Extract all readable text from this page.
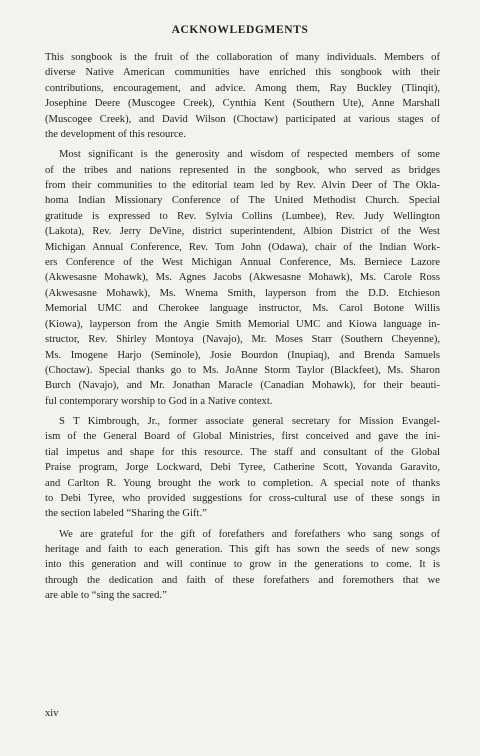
ACKNOWLEDGMENTS
This songbook is the fruit of the collaboration of many individuals. Members of
diverse Native American communities have enriched this songbook with their
contributions, encouragement, and advice. Among them, Ray Buckley (Tlinqit),
Josephine Deere (Muscogee Creek), Cynthia Kent (Southern Ute), Anne Marshall
(Muscogee Creek), and David Wilson (Choctaw) participated at various stages of
the development of this resource.
Most significant is the generosity and wisdom of respected members of some
of the tribes and nations represented in the songbook, who served as bridges
from their communities to the editorial team led by Rev. Alvin Deer of The Okla-
homa Indian Missionary Conference of The United Methodist Church. Special
gratitude is expressed to Rev. Sylvia Collins (Lumbee), Rev. Judy Wellington
(Lakota), Rev. Jerry DeVine, district superintendent, Albion District of the West
Michigan Annual Conference, Rev. Tom John (Odawa), chair of the Indian Work-
ers Conference of the West Michigan Annual Conference, Ms. Berniece Lazore
(Akwesasne Mohawk), Ms. Agnes Jacobs (Akwesasne Mohawk), Ms. Carole Ross
(Akwesasne Mohawk), Ms. Wnema Smith, layperson from the D.D. Etchieson
Memorial UMC and Cherokee language instructor, Ms. Carol Botone Willis
(Kiowa), layperson from the Angie Smith Memorial UMC and Kiowa language in-
structor, Rev. Shirley Montoya (Navajo), Mr. Moses Starr (Southern Cheyenne),
Ms. Imogene Harjo (Seminole), Josie Bourdon (Inupiaq), and Brenda Samuels
(Choctaw). Special thanks go to Ms. JoAnne Storm Taylor (Blackfeet), Ms. Sharon
Burch (Navajo), and Mr. Jonathan Maracle (Canadian Mohawk), for their beauti-
ful contemporary worship to God in a Native context.
S T Kimbrough, Jr., former associate general secretary for Mission Evangel-
ism of the General Board of Global Ministries, first conceived and gave the ini-
tial impetus and shape for this resource. The staff and consultant of the Global
Praise program, Jorge Lockward, Debi Tyree, Catherine Scott, Yovanda Garavito,
and Carlton R. Young brought the work to completion. A special note of thanks
to Debi Tyree, who provided suggestions for cross-cultural use of these songs in
the section labeled “Sharing the Gift.”
We are grateful for the gift of forefathers and forefathers who sang songs of
heritage and faith to each generation. This gift has sown the seeds of new songs
into this generation and will continue to grow in the generations to come. It is
through the dedication and faith of these forefathers and foremothers that we
are able to “sing the sacred.”
xiv
